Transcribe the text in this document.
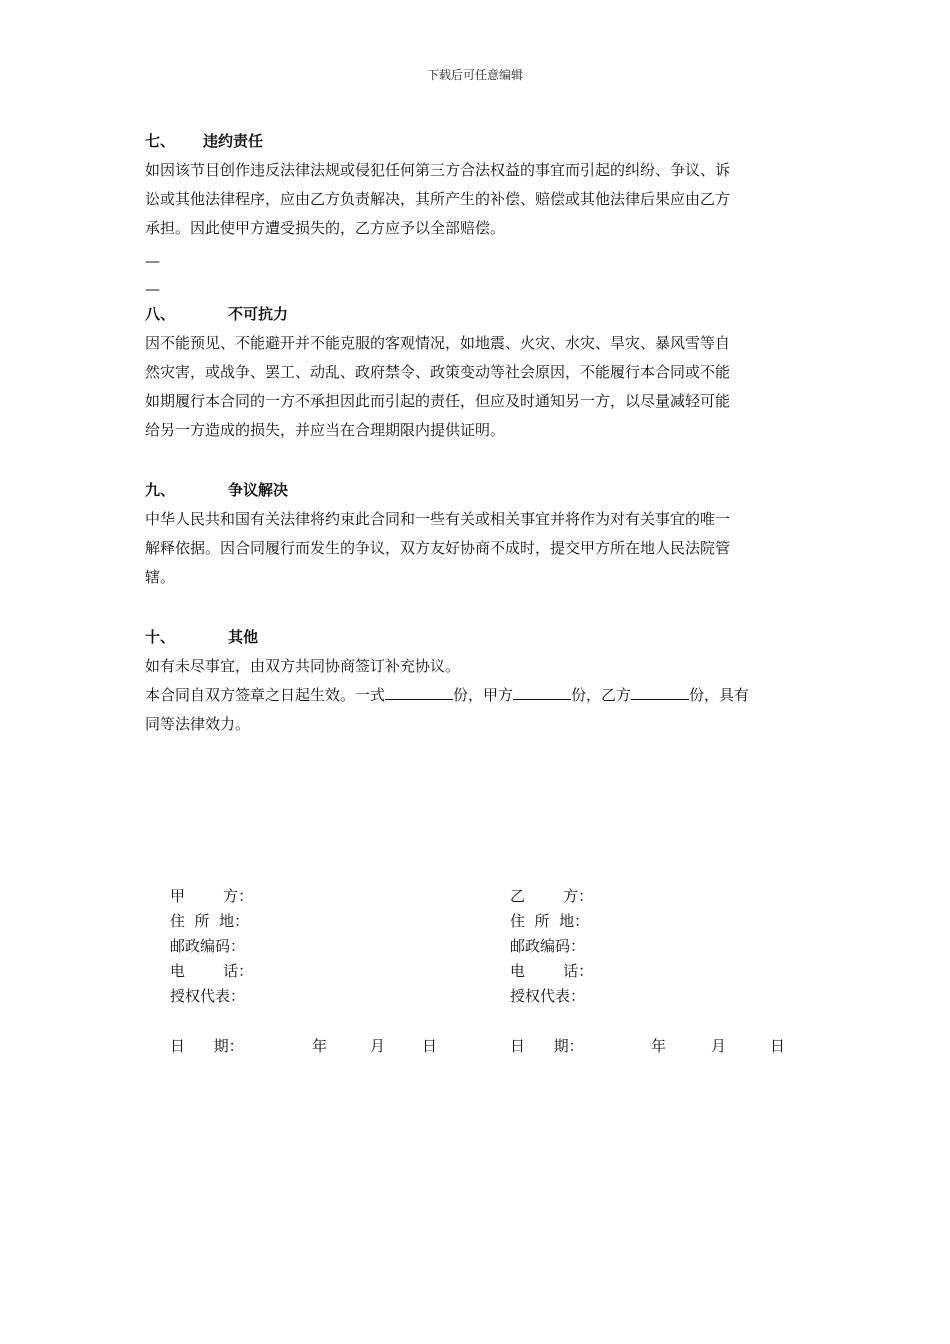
下载后可任意编辑
七、 违约责任
如因该节目创作违反法律法规或侵犯任何第三方合法权益的事宜而引起的纠纷、争议、诉
讼或其他法律程序，应由乙方负责解决，其所产生的补偿、赔偿或其他法律后果应由乙方
承担。因此使甲方遭受损失的，乙方应予以全部赔偿。
—
—
八、	不可抗力
因不能预见、不能避开并不能克服的客观情况，如地震、火灾、水灾、旱灾、暴风雪等自
然灾害，或战争、罢工、动乱、政府禁令、政策变动等社会原因，不能履行本合同或不能
如期履行本合同的一方不承担因此而引起的责任，但应及时通知另一方，以尽量减轻可能
给另一方造成的损失，并应当在合理期限内提供证明。
九、	争议解决
中华人民共和国有关法律将约束此合同和一些有关或相关事宜并将作为对有关事宜的唯一
解释依据。因合同履行而发生的争议，双方友好协商不成时，提交甲方所在地人民法院管
辖。
十、	其他
如有未尽事宜，由双方共同协商签订补充协议。
本合同自双方签章之日起生效。一式	份，甲方	份，乙方	份，具有
同等法律效力。
甲        方：
住  所  地：
邮政编码：
电        话：
授权代表：
乙        方：
住  所  地：
邮政编码：
电        话：
授权代表：
日      期：	年	月 日	日      期：	年	月	日
